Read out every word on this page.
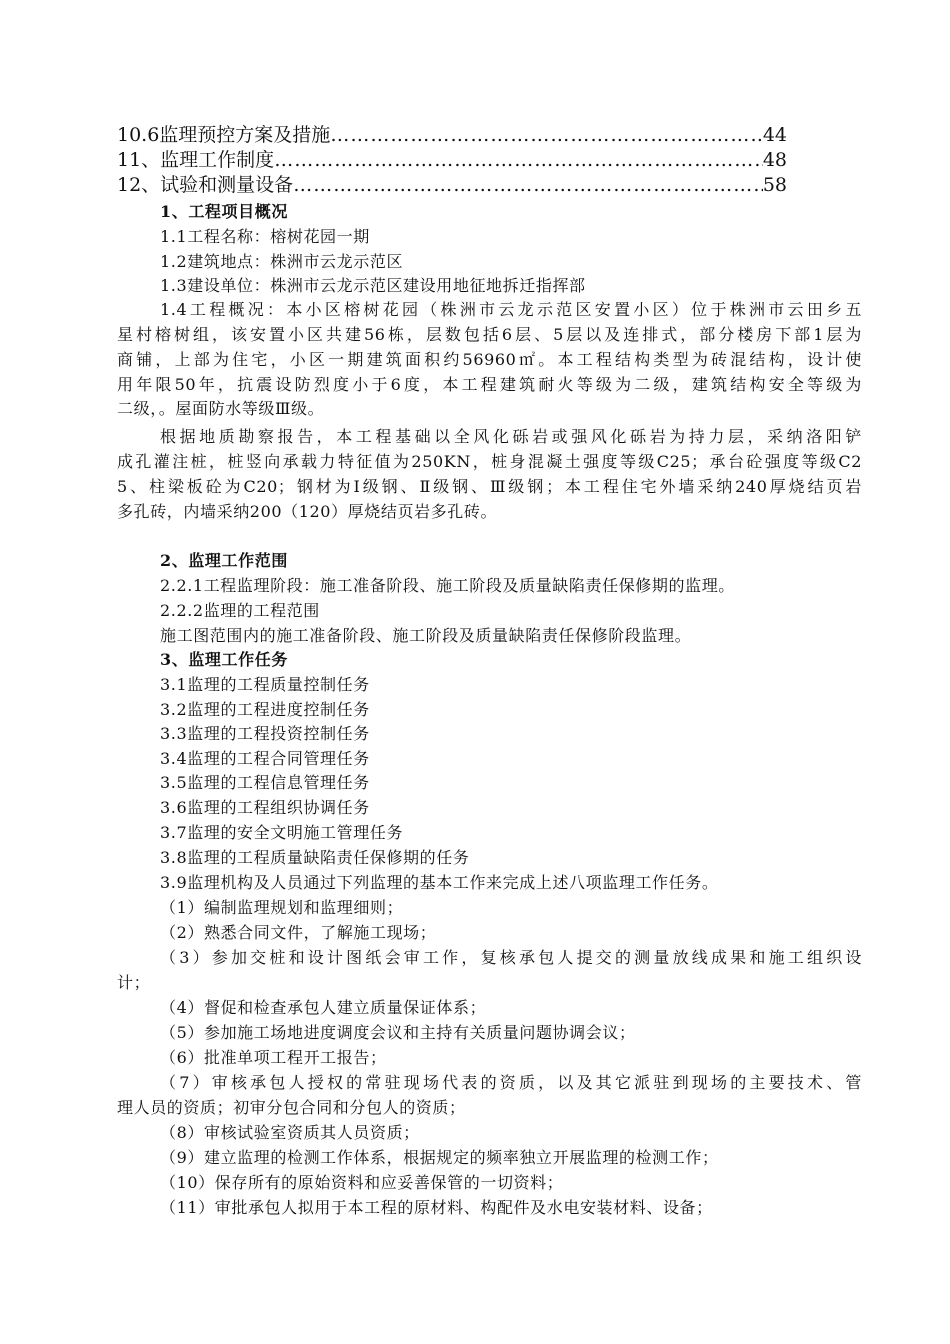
10.6监理预控方案及措施 …………………………………………………………………………………………………………………………	44
11、监理工作制度 …………………………………………………………………………………………………………………………	48
12、试验和测量设备 …………………………………………………………………………………………………………………………	58
1、工程项目概况
1.1工程名称：榕树花园一期
1.2建筑地点：株洲市云龙示范区
1.3建设单位：株洲市云龙示范区建设用地征地拆迁指挥部
1.4工程概况：本小区榕树花园（株洲市云龙示范区安置小区）位于株洲市云田乡五
星村榕树组，该安置小区共建56栋，层数包括6层、5层以及连排式，部分楼房下部1层为
商铺，上部为住宅，小区一期建筑面积约56960㎡。本工程结构类型为砖混结构，设计使
用年限50年，抗震设防烈度小于6度，本工程建筑耐火等级为二级，建筑结构安全等级为
二级，。屋面防水等级Ⅲ级。
根据地质勘察报告，本工程基础以全风化砾岩或强风化砾岩为持力层，采纳洛阳铲
成孔灌注桩，桩竖向承载力特征值为250KN，桩身混凝土强度等级C25；承台砼强度等级C2
5、柱梁板砼为C20；钢材为Ⅰ级钢、Ⅱ级钢、Ⅲ级钢；本工程住宅外墙采纳240厚烧结页岩
多孔砖，内墙采纳200（120）厚烧结页岩多孔砖。
2、监理工作范围
2.2.1工程监理阶段：施工准备阶段、施工阶段及质量缺陷责任保修期的监理。
2.2.2监理的工程范围
施工图范围内的施工准备阶段、施工阶段及质量缺陷责任保修阶段监理。
3、监理工作任务
3.1监理的工程质量控制任务
3.2监理的工程进度控制任务
3.3监理的工程投资控制任务
3.4监理的工程合同管理任务
3.5监理的工程信息管理任务
3.6监理的工程组织协调任务
3.7监理的安全文明施工管理任务
3.8监理的工程质量缺陷责任保修期的任务
3.9监理机构及人员通过下列监理的基本工作来完成上述八项监理工作任务。
（1）编制监理规划和监理细则；
（2）熟悉合同文件，了解施工现场；
（3）参加交桩和设计图纸会审工作，复核承包人提交的测量放线成果和施工组织设
计；
（4）督促和检查承包人建立质量保证体系；
（5）参加施工场地进度调度会议和主持有关质量问题协调会议；
（6）批准单项工程开工报告；
（7）审核承包人授权的常驻现场代表的资质，以及其它派驻到现场的主要技术、管
理人员的资质；初审分包合同和分包人的资质；
（8）审核试验室资质其人员资质；
（9）建立监理的检测工作体系，根据规定的频率独立开展监理的检测工作；
（10）保存所有的原始资料和应妥善保管的一切资料；
（11）审批承包人拟用于本工程的原材料、构配件及水电安装材料、设备；
